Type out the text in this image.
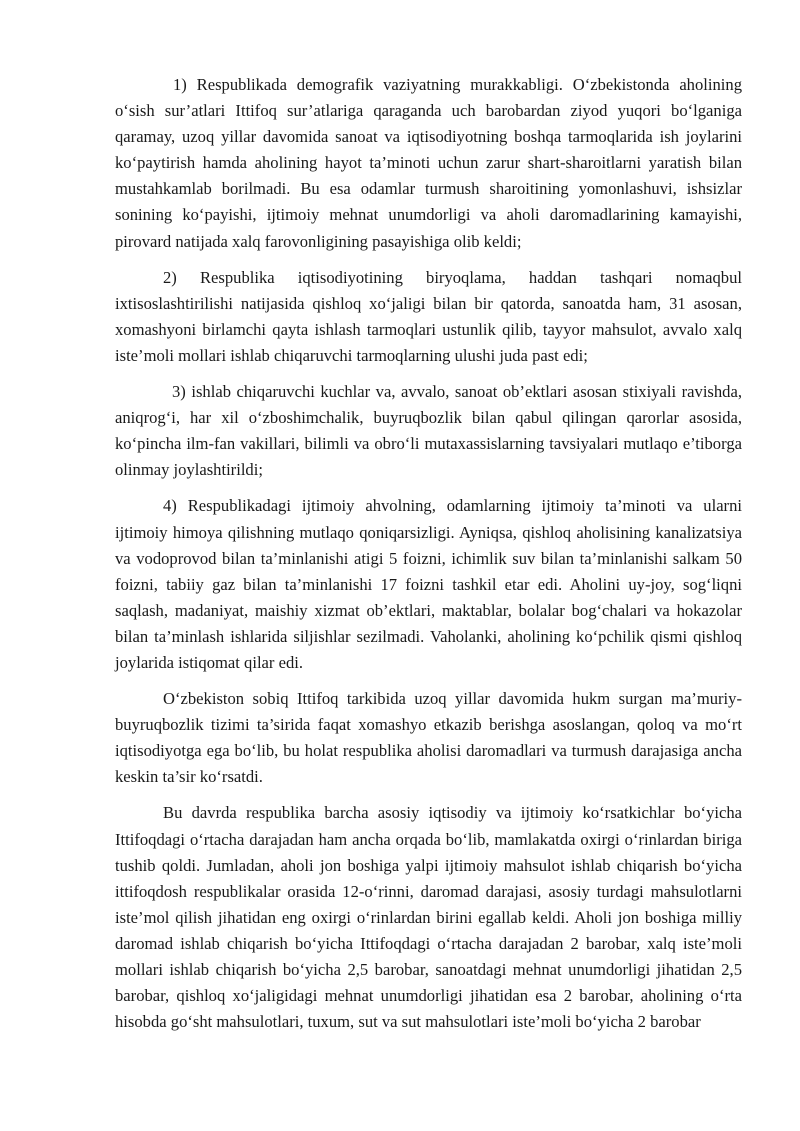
1) Respublikada demografik vaziyatning murakkabligi. O‘zbekistonda aholining o‘sish sur’atlari Ittifoq sur’atlariga qaraganda uch barobardan ziyod yuqori bo‘lganiga qaramay, uzoq yillar davomida sanoat va iqtisodiyotning boshqa tarmoqlarida ish joylarini ko‘paytirish hamda aholining hayot ta’minoti uchun zarur shart-sharoitlarni yaratish bilan mustahkamlab borilmadi. Bu esa odamlar turmush sharoitining yomonlashuvi, ishsizlar sonining ko‘payishi, ijtimoiy mehnat unumdorligi va aholi daromadlarining kamayishi, pirovard natijada xalq farovonligining pasayishiga olib keldi;

2) Respublika iqtisodiyotining biryoqlama, haddan tashqari nomaqbul ixtisoslashtirilishi natijasida qishloq xo‘jaligi bilan bir qatorda, sanoatda ham, 31 asosan, xomashyoni birlamchi qayta ishlash tarmoqlari ustunlik qilib, tayyor mahsulot, avvalo xalq iste’moli mollari ishlab chiqaruvchi tarmoqlarning ulushi juda past edi;

3) ishlab chiqaruvchi kuchlar va, avvalo, sanoat ob’ektlari asosan stixiyali ravishda, aniqrog‘i, har xil o‘zboshimchalik, buyruqbozlik bilan qabul qilingan qarorlar asosida, ko‘pincha ilm-fan vakillari, bilimli va obro‘li mutaxassislarning tavsiyalari mutlaqo e’tiborga olinmay joylashtirildi;

4) Respublikadagi ijtimoiy ahvolning, odamlarning ijtimoiy ta’minoti va ularni ijtimoiy himoya qilishning mutlaqo qoniqarsizligi. Ayniqsa, qishloq aholisining kanalizatsiya va vodoprovod bilan ta’minlanishi atigi 5 foizni, ichimlik suv bilan ta’minlanishi salkam 50 foizni, tabiiy gaz bilan ta’minlanishi 17 foizni tashkil etar edi. Aholini uy-joy, sog‘liqni saqlash, madaniyat, maishiy xizmat ob’ektlari, maktablar, bolalar bog‘chalari va hokazolar bilan ta’minlash ishlarida siljishlar sezilmadi. Vaholanki, aholining ko‘pchilik qismi qishloq joylarida istiqomat qilar edi.

O‘zbekiston sobiq Ittifoq tarkibida uzoq yillar davomida hukm surgan ma’muriy-buyruqbozlik tizimi ta’sirida faqat xomashyo etkazib berishga asoslangan, qoloq va mo‘rt iqtisodiyotga ega bo‘lib, bu holat respublika aholisi daromadlari va turmush darajasiga ancha keskin ta’sir ko‘rsatdi.

Bu davrda respublika barcha asosiy iqtisodiy va ijtimoiy ko‘rsatkichlar bo‘yicha Ittifoqdagi o‘rtacha darajadan ham ancha orqada bo‘lib, mamlakatda oxirgi o‘rinlardan biriga tushib qoldi. Jumladan, aholi jon boshiga yalpi ijtimoiy mahsulot ishlab chiqarish bo‘yicha ittifoqdosh respublikalar orasida 12-o‘rinni, daromad darajasi, asosiy turdagi mahsulotlarni iste’mol qilish jihatidan eng oxirgi o‘rinlardan birini egallab keldi. Aholi jon boshiga milliy daromad ishlab chiqarish bo‘yicha Ittifoqdagi o‘rtacha darajadan 2 barobar, xalq iste’moli mollari ishlab chiqarish bo‘yicha 2,5 barobar, sanoatdagi mehnat unumdorligi jihatidan 2,5 barobar, qishloq xo‘jaligidagi mehnat unumdorligi jihatidan esa 2 barobar, aholining o‘rta hisobda go‘sht mahsulotlari, tuxum, sut va sut mahsulotlari iste’moli bo‘yicha 2 barobar
